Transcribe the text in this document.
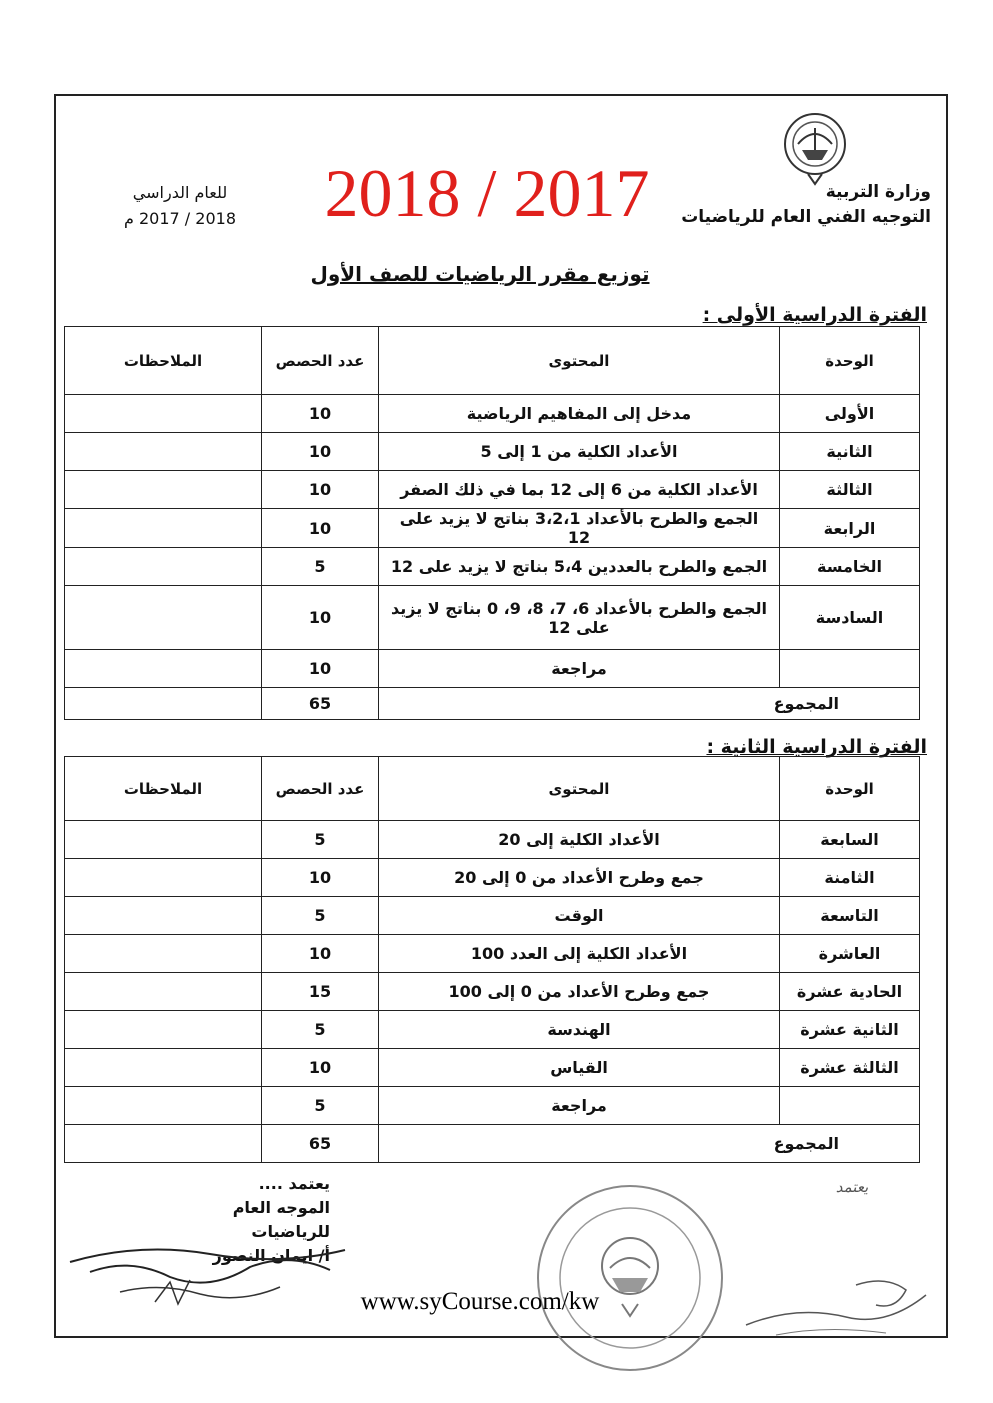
وزارة التربية
التوجيه الفني العام للرياضيات
2018 / 2017
للعام الدراسي
2018 / 2017 م
توزيع مقرر الرياضيات للصف الأول
الفترة الدراسية الأولى :
الوحدة	المحتوى	عدد الحصص	الملاحظات
الأولى	مدخل إلى المفاهيم الرياضية	10	
الثانية	الأعداد الكلية من 1 إلى 5	10	
الثالثة	الأعداد الكلية من 6 إلى 12 بما في ذلك الصفر	10	
الرابعة	الجمع والطرح بالأعداد 3،2،1 بناتج لا يزيد على 12	10	
الخامسة	الجمع والطرح بالعددين 5،4 بناتج لا يزيد على 12	5	
السادسة	الجمع والطرح بالأعداد 6، 7، 8، 9، 0 بناتج لا يزيد على 12	10	
	مراجعة	10	
المجموع		65	
الفترة الدراسية الثانية :
الوحدة	المحتوى	عدد الحصص	الملاحظات
السابعة	الأعداد الكلية إلى 20	5	
الثامنة	جمع وطرح الأعداد من 0 إلى 20	10	
التاسعة	الوقت	5	
العاشرة	الأعداد الكلية إلى العدد 100	10	
الحادية عشرة	جمع وطرح الأعداد من 0 إلى 100	15	
الثانية عشرة	الهندسة	5	
الثالثة عشرة	القياس	10	
	مراجعة	5	
المجموع		65	
يعتمد ....
الموجه العام للرياضيات
أ/ ايمان النصور
يعتمد
www.syCourse.com/kw
